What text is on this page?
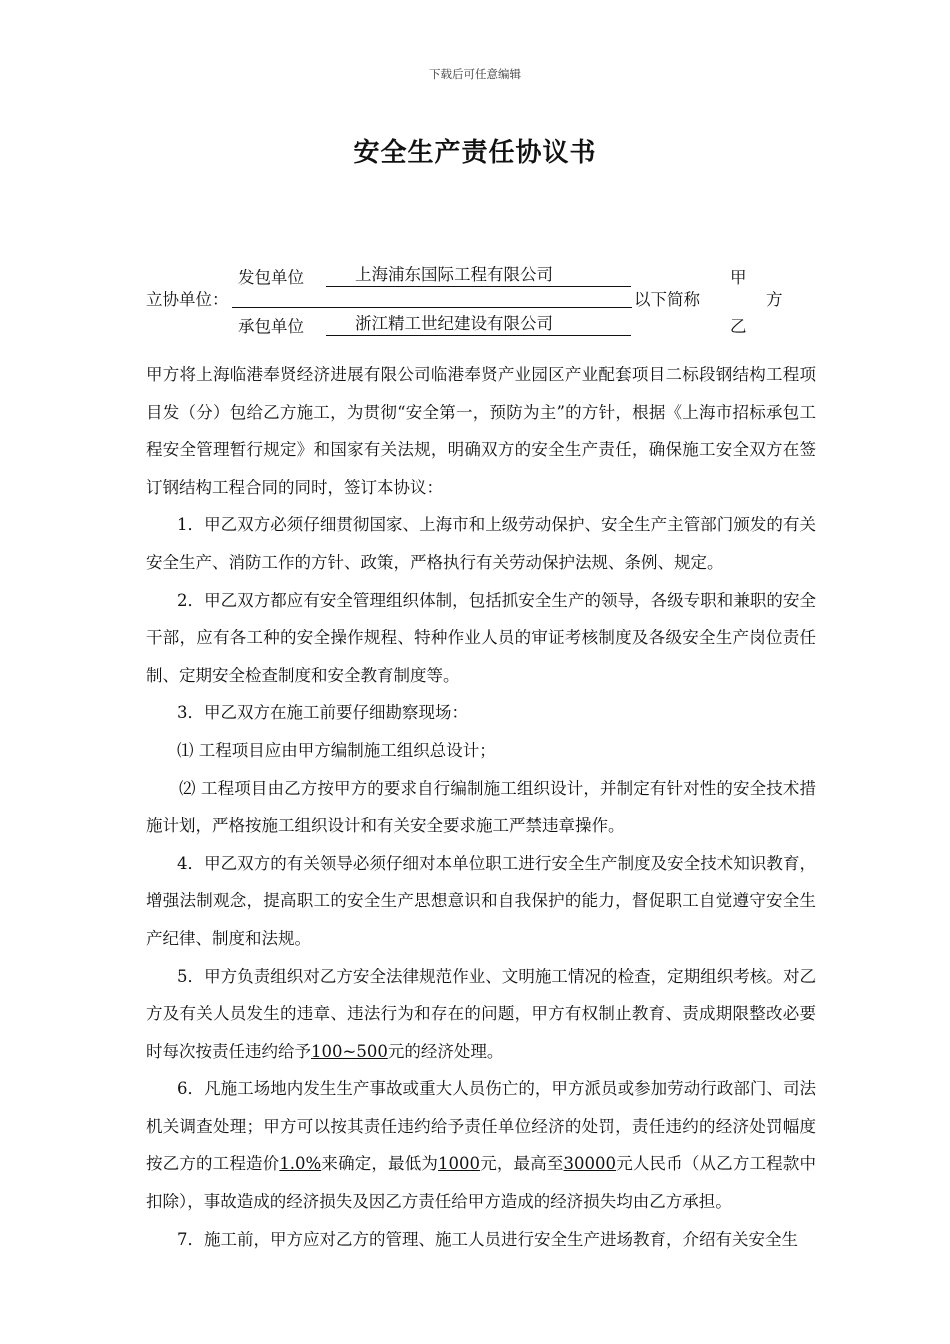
下载后可任意编辑
安全生产责任协议书
发包单位	上海浦东国际工程有限公司	甲
立协单位：	以下简称	方
承包单位	浙江精工世纪建设有限公司	乙

甲方将上海临港奉贤经济进展有限公司临港奉贤产业园区产业配套项目二标段钢结构工程项目发（分）包给乙方施工，为贯彻“安全第一，预防为主”的方针，根据《上海市招标承包工程安全管理暂行规定》和国家有关法规，明确双方的安全生产责任，确保施工安全双方在签订钢结构工程合同的同时，签订本协议：

1．甲乙双方必须仔细贯彻国家、上海市和上级劳动保护、安全生产主管部门颁发的有关安全生产、消防工作的方针、政策，严格执行有关劳动保护法规、条例、规定。

2．甲乙双方都应有安全管理组织体制，包括抓安全生产的领导，各级专职和兼职的安全干部，应有各工种的安全操作规程、特种作业人员的审证考核制度及各级安全生产岗位责任制、定期安全检查制度和安全教育制度等。

3．甲乙双方在施工前要仔细勘察现场：

⑴ 工程项目应由甲方编制施工组织总设计；

⑵ 工程项目由乙方按甲方的要求自行编制施工组织设计，并制定有针对性的安全技术措施计划，严格按施工组织设计和有关安全要求施工严禁违章操作。

4．甲乙双方的有关领导必须仔细对本单位职工进行安全生产制度及安全技术知识教育，增强法制观念，提高职工的安全生产思想意识和自我保护的能力，督促职工自觉遵守安全生产纪律、制度和法规。

5．甲方负责组织对乙方安全法律规范作业、文明施工情况的检查，定期组织考核。对乙方及有关人员发生的违章、违法行为和存在的问题，甲方有权制止教育、责成期限整改必要时每次按责任违约给予100~500元的经济处理。

6．凡施工场地内发生生产事故或重大人员伤亡的，甲方派员或参加劳动行政部门、司法机关调查处理；甲方可以按其责任违约给予责任单位经济的处罚，责任违约的经济处罚幅度按乙方的工程造价1.0%来确定，最低为1000元，最高至30000元人民币（从乙方工程款中扣除），事故造成的经济损失及因乙方责任给甲方造成的经济损失均由乙方承担。

7．施工前，甲方应对乙方的管理、施工人员进行安全生产进场教育，介绍有关安全生
